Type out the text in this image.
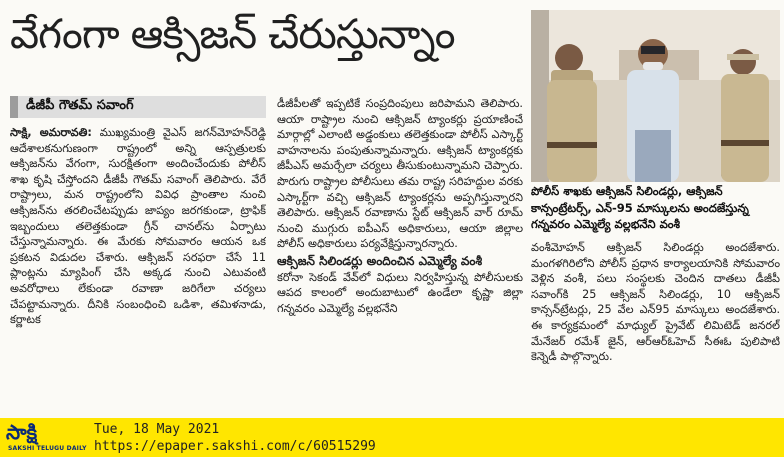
వేగంగా ఆక్సిజన్ చేరుస్తున్నాం
డీజీపీ గౌతమ్ సవాంగ్

సాక్షి, అమరావతి: ముఖ్యమంత్రి వైఎస్ జగన్‌మోహన్‌రెడ్డి ఆదేశాలకనుగుణంగా రాష్ట్రంలో అన్ని ఆస్పత్రులకు ఆక్సిజన్‌ను వేగంగా, సురక్షితంగా అందించేందుకు పోలీస్ శాఖ కృషి చేస్తోందని డీజీపీ గౌతమ్ సవాంగ్ తెలిపారు. వేరే రాష్ట్రాలు, మన రాష్ట్రంలోని వివిధ ప్రాంతాల నుంచి ఆక్సిజన్‌ను తరలించేటప్పుడు జాప్యం జరగకుండా, ట్రాఫిక్ ఇబ్బందులు తలెత్తకుండా గ్రీన్ చానల్‌ను ఏర్పాటు చేస్తున్నామన్నారు. ఈ మేరకు సోమవారం ఆయన ఒక ప్రకటన విడుదల చేశారు. ఆక్సిజన్ సరఫరా చేసే 11 ప్లాంట్లను మ్యాపింగ్ చేసి అక్కడ నుంచి ఎటువంటి అవరోధాలు లేకుండా రవాణా జరిగేలా చర్యలు చేపట్టామన్నారు. దీనికి సంబంధించి ఒడిశా, తమిళనాడు, కర్ణాటక

డీజీపీలతో ఇప్పటికే సంప్రదింపులు జరిపామని తెలిపారు. ఆయా రాష్ట్రాల నుంచి ఆక్సిజన్ ట్యాంకర్లు ప్రయాణించే మార్గాల్లో ఎలాంటి అడ్డంకులు తలెత్తకుండా పోలీస్ ఎస్కార్ట్ వాహనాలను పంపుతున్నామన్నారు. ఆక్సిజన్ ట్యాంకర్లకు జీపీఎస్ అమర్చేలా చర్యలు తీసుకుంటున్నామని చెప్పారు. పొరుగు రాష్ట్రాల పోలీసులు తమ రాష్ట్ర సరిహద్దుల వరకు ఎస్కార్ట్‌గా వచ్చి ఆక్సిజన్ ట్యాంకర్లను అప్పగిస్తున్నారని తెలిపారు. ఆక్సిజన్ రవాణాను స్టేట్ ఆక్సిజన్ వార్ రూమ్ నుంచి ముగ్గురు ఐపీఎస్ అధికారులు, ఆయా జిల్లాల పోలీస్ అధికారులు పర్యవేక్షిస్తున్నారన్నారు.

ఆక్సిజన్ సిలిండర్లు అందించిన ఎమ్మెల్యే వంశీ

కరోనా సెకండ్ వేవ్‌లో విధులు నిర్వహిస్తున్న పోలీసులకు ఆపద కాలంలో అందుబాటులో ఉండేలా కృష్ణా జిల్లా గన్నవరం ఎమ్మెల్యే వల్లభనేని

పోలీస్ శాఖకు ఆక్సిజన్ సిలిండర్లు, ఆక్సిజన్ కాన్సంట్రేటర్స్, ఎన్-95 మాస్కులను అందజేస్తున్న గన్నవరం ఎమ్మెల్యే వల్లభనేని వంశీ

వంశీమోహన్ ఆక్సిజన్ సిలిండర్లు అందజేశారు. మంగళగిరిలోని పోలీస్ ప్రధాన కార్యాలయానికి సోమవారం వెళ్లిన వంశీ, పలు సంస్థలకు చెందిన దాతలు డీజీపీ సవాంగ్‌కి 25 ఆక్సిజన్ సిలిండర్లు, 10 ఆక్సిజన్ కాన్సన్‌ట్రేటర్లు, 25 వేల ఎన్95 మాస్కులు అందజేశారు. ఈ కార్యక్రమంలో మాధ్యుల్ ప్రైవేట్ లిమిటెడ్ జనరల్ మేనేజర్ రమేశ్ జైన్, ఆర్‌ఆర్‌ఓహెచ్ సీఈఓ పులిపాటి కెన్నెడీ పాల్గొన్నారు.

సాక్షి
SAKSHI TELUGU DAILY
Tue, 18 May 2021
https://epaper.sakshi.com/c/60515299
